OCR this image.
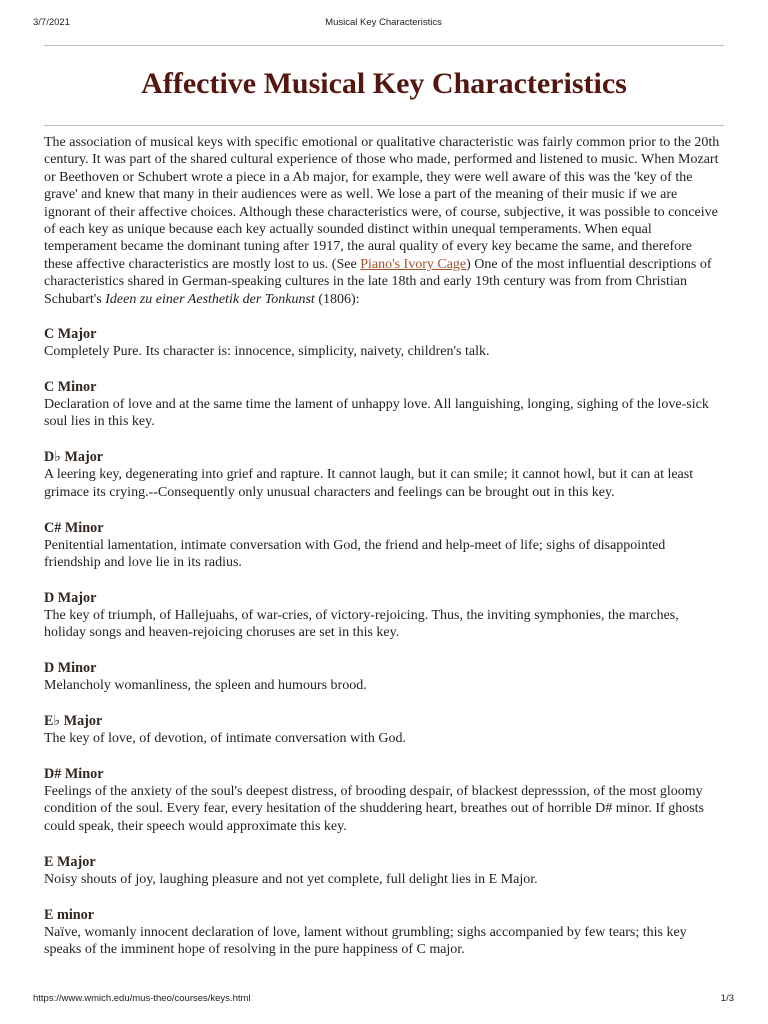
3/7/2021	Musical Key Characteristics
Affective Musical Key Characteristics

The association of musical keys with specific emotional or qualitative characteristic was fairly common prior to the 20th century. It was part of the shared cultural experience of those who made, performed and listened to music. When Mozart or Beethoven or Schubert wrote a piece in a Ab major, for example, they were well aware of this was the 'key of the grave' and knew that many in their audiences were as well. We lose a part of the meaning of their music if we are ignorant of their affective choices. Although these characteristics were, of course, subjective, it was possible to conceive of each key as unique because each key actually sounded distinct within unequal temperaments. When equal temperament became the dominant tuning after 1917, the aural quality of every key became the same, and therefore these affective characteristics are mostly lost to us. (See Piano's Ivory Cage) One of the most influential descriptions of characteristics shared in German-speaking cultures in the late 18th and early 19th century was from from Christian Schubart's Ideen zu einer Aesthetik der Tonkunst (1806):

C Major
Completely Pure. Its character is: innocence, simplicity, naivety, children's talk.
C Minor
Declaration of love and at the same time the lament of unhappy love. All languishing, longing, sighing of the love-sick soul lies in this key.
D♭ Major
A leering key, degenerating into grief and rapture. It cannot laugh, but it can smile; it cannot howl, but it can at least grimace its crying.--Consequently only unusual characters and feelings can be brought out in this key.
C# Minor
Penitential lamentation, intimate conversation with God, the friend and help-meet of life; sighs of disappointed friendship and love lie in its radius.
D Major
The key of triumph, of Hallejuahs, of war-cries, of victory-rejoicing. Thus, the inviting symphonies, the marches, holiday songs and heaven-rejoicing choruses are set in this key.
D Minor
Melancholy womanliness, the spleen and humours brood.
E♭ Major
The key of love, of devotion, of intimate conversation with God.
D# Minor
Feelings of the anxiety of the soul's deepest distress, of brooding despair, of blackest depresssion, of the most gloomy condition of the soul. Every fear, every hesitation of the shuddering heart, breathes out of horrible D# minor. If ghosts could speak, their speech would approximate this key.
E Major
Noisy shouts of joy, laughing pleasure and not yet complete, full delight lies in E Major.
E minor
Naïve, womanly innocent declaration of love, lament without grumbling; sighs accompanied by few tears; this key speaks of the imminent hope of resolving in the pure happiness of C major.
https://www.wmich.edu/mus-theo/courses/keys.html	1/3
